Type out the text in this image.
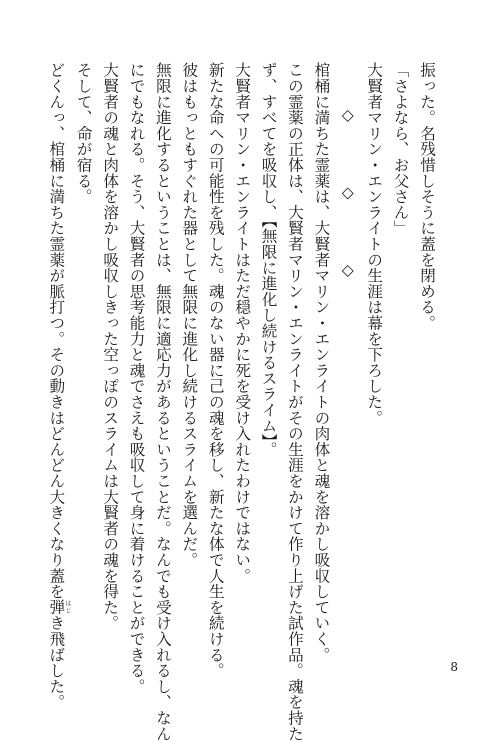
振った。名残惜しそうに蓋を閉める。
「さよなら、お父さん」
大賢者マリン・エンライトの生涯は幕を下ろした。
◇　◇　◇
棺桶に満ちた霊薬は、大賢者マリン・エンライトの肉体と魂を溶かし吸収していく。
この霊薬の正体は、大賢者マリン・エンライトがその生涯をかけて作り上げた試作品。魂を持た
ず、すべてを吸収し、【無限に進化し続けるスライム】。
大賢者マリン・エンライトはただ穏やかに死を受け入れたわけではない。
新たな命への可能性を残した。魂のない器に己の魂を移し、新たな体で人生を続ける。
彼はもっともすぐれた器として無限に進化し続けるスライムを選んだ。
無限に進化するということは、無限に適応力があるということだ。なんでも受け入れるし、なん
にでもなれる。そう、大賢者の思考能力と魂でさえも吸収して身に着けることができる。
大賢者の魂と肉体を溶かし吸収しきった空っぽのスライムは大賢者の魂を得た。
そして、命が宿る。
どくんっ、棺桶に満ちた霊薬が脈打つ。その動きはどんどん大きくなり蓋を弾はじき飛ばした。	8
